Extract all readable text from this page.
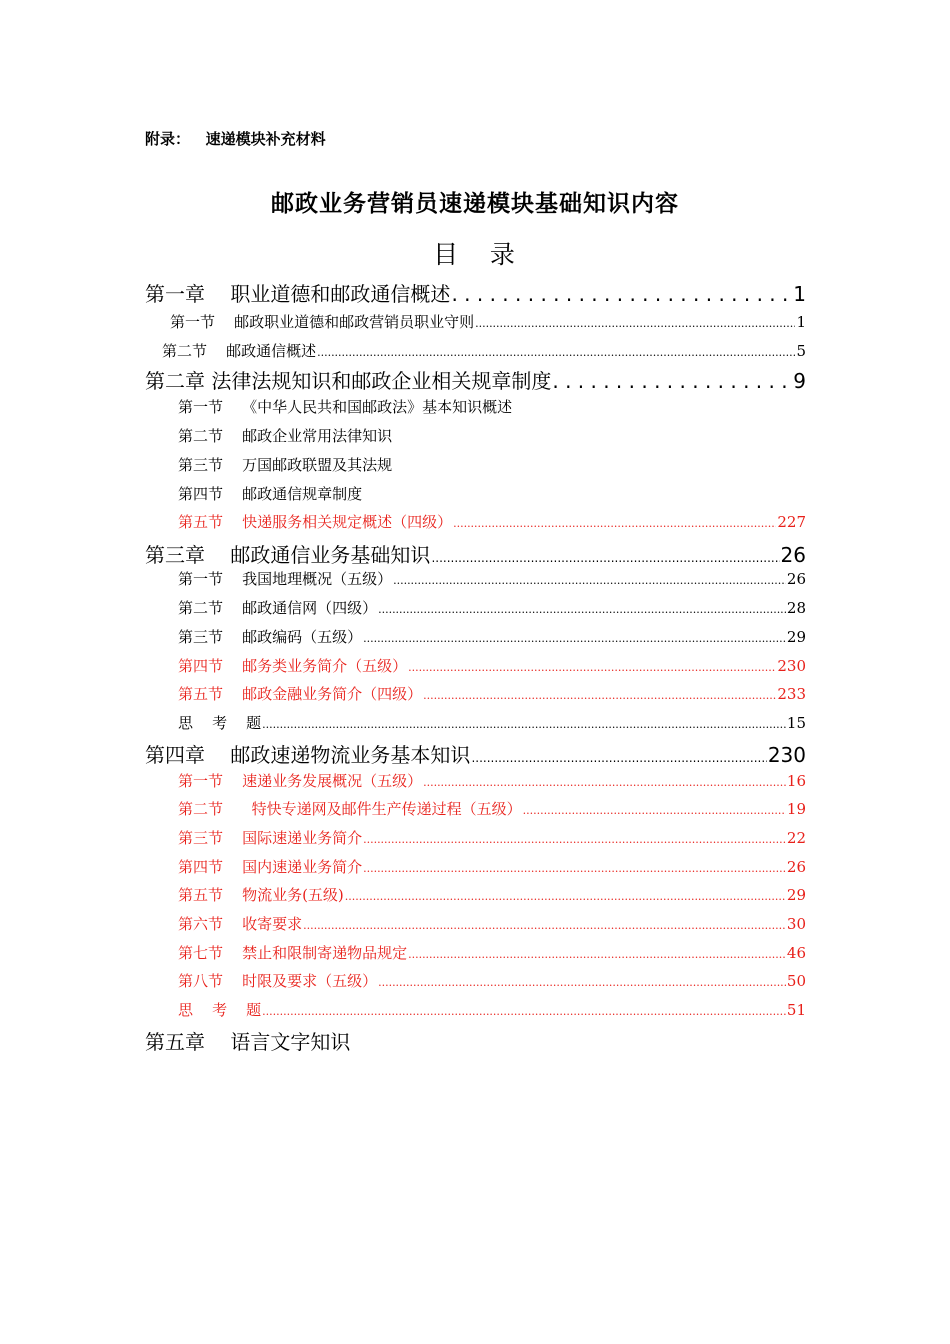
附录：   速递模块补充材料
邮政业务营销员速递模块基础知识内容
目   录
第一章    职业道德和邮政通信概述 . . .	1
第一节    邮政职业道德和邮政营销员职业守则 .....	1
第二节    邮政通信概述 .....	5
第二章 法律法规知识和邮政企业相关规章制度 . . .	9
第一节    《中华人民共和国邮政法》基本知识概述
第二节    邮政企业常用法律知识
第三节    万国邮政联盟及其法规
第四节    邮政通信规章制度
第五节    快递服务相关规定概述（四级） .....	227
第三章    邮政通信业务基础知识 .....	26
第一节    我国地理概况（五级） .....	26
第二节    邮政通信网（四级） .....	28
第三节    邮政编码（五级） .....	29
第四节    邮务类业务简介（五级） .....	230
第五节    邮政金融业务简介（四级） .....	233
思    考    题 .....	15
第四章    邮政速递物流业务基本知识 .....	230
第一节    速递业务发展概况（五级） .....	16
第二节      特快专递网及邮件生产传递过程（五级） .....	19
第三节    国际速递业务简介 .....	22
第四节    国内速递业务简介 .....	26
第五节    物流业务(五级) .....	29
第六节    收寄要求 .....	30
第七节    禁止和限制寄递物品规定 .....	46
第八节    时限及要求（五级） .....	50
思    考    题 .....	51
第五章    语言文字知识
